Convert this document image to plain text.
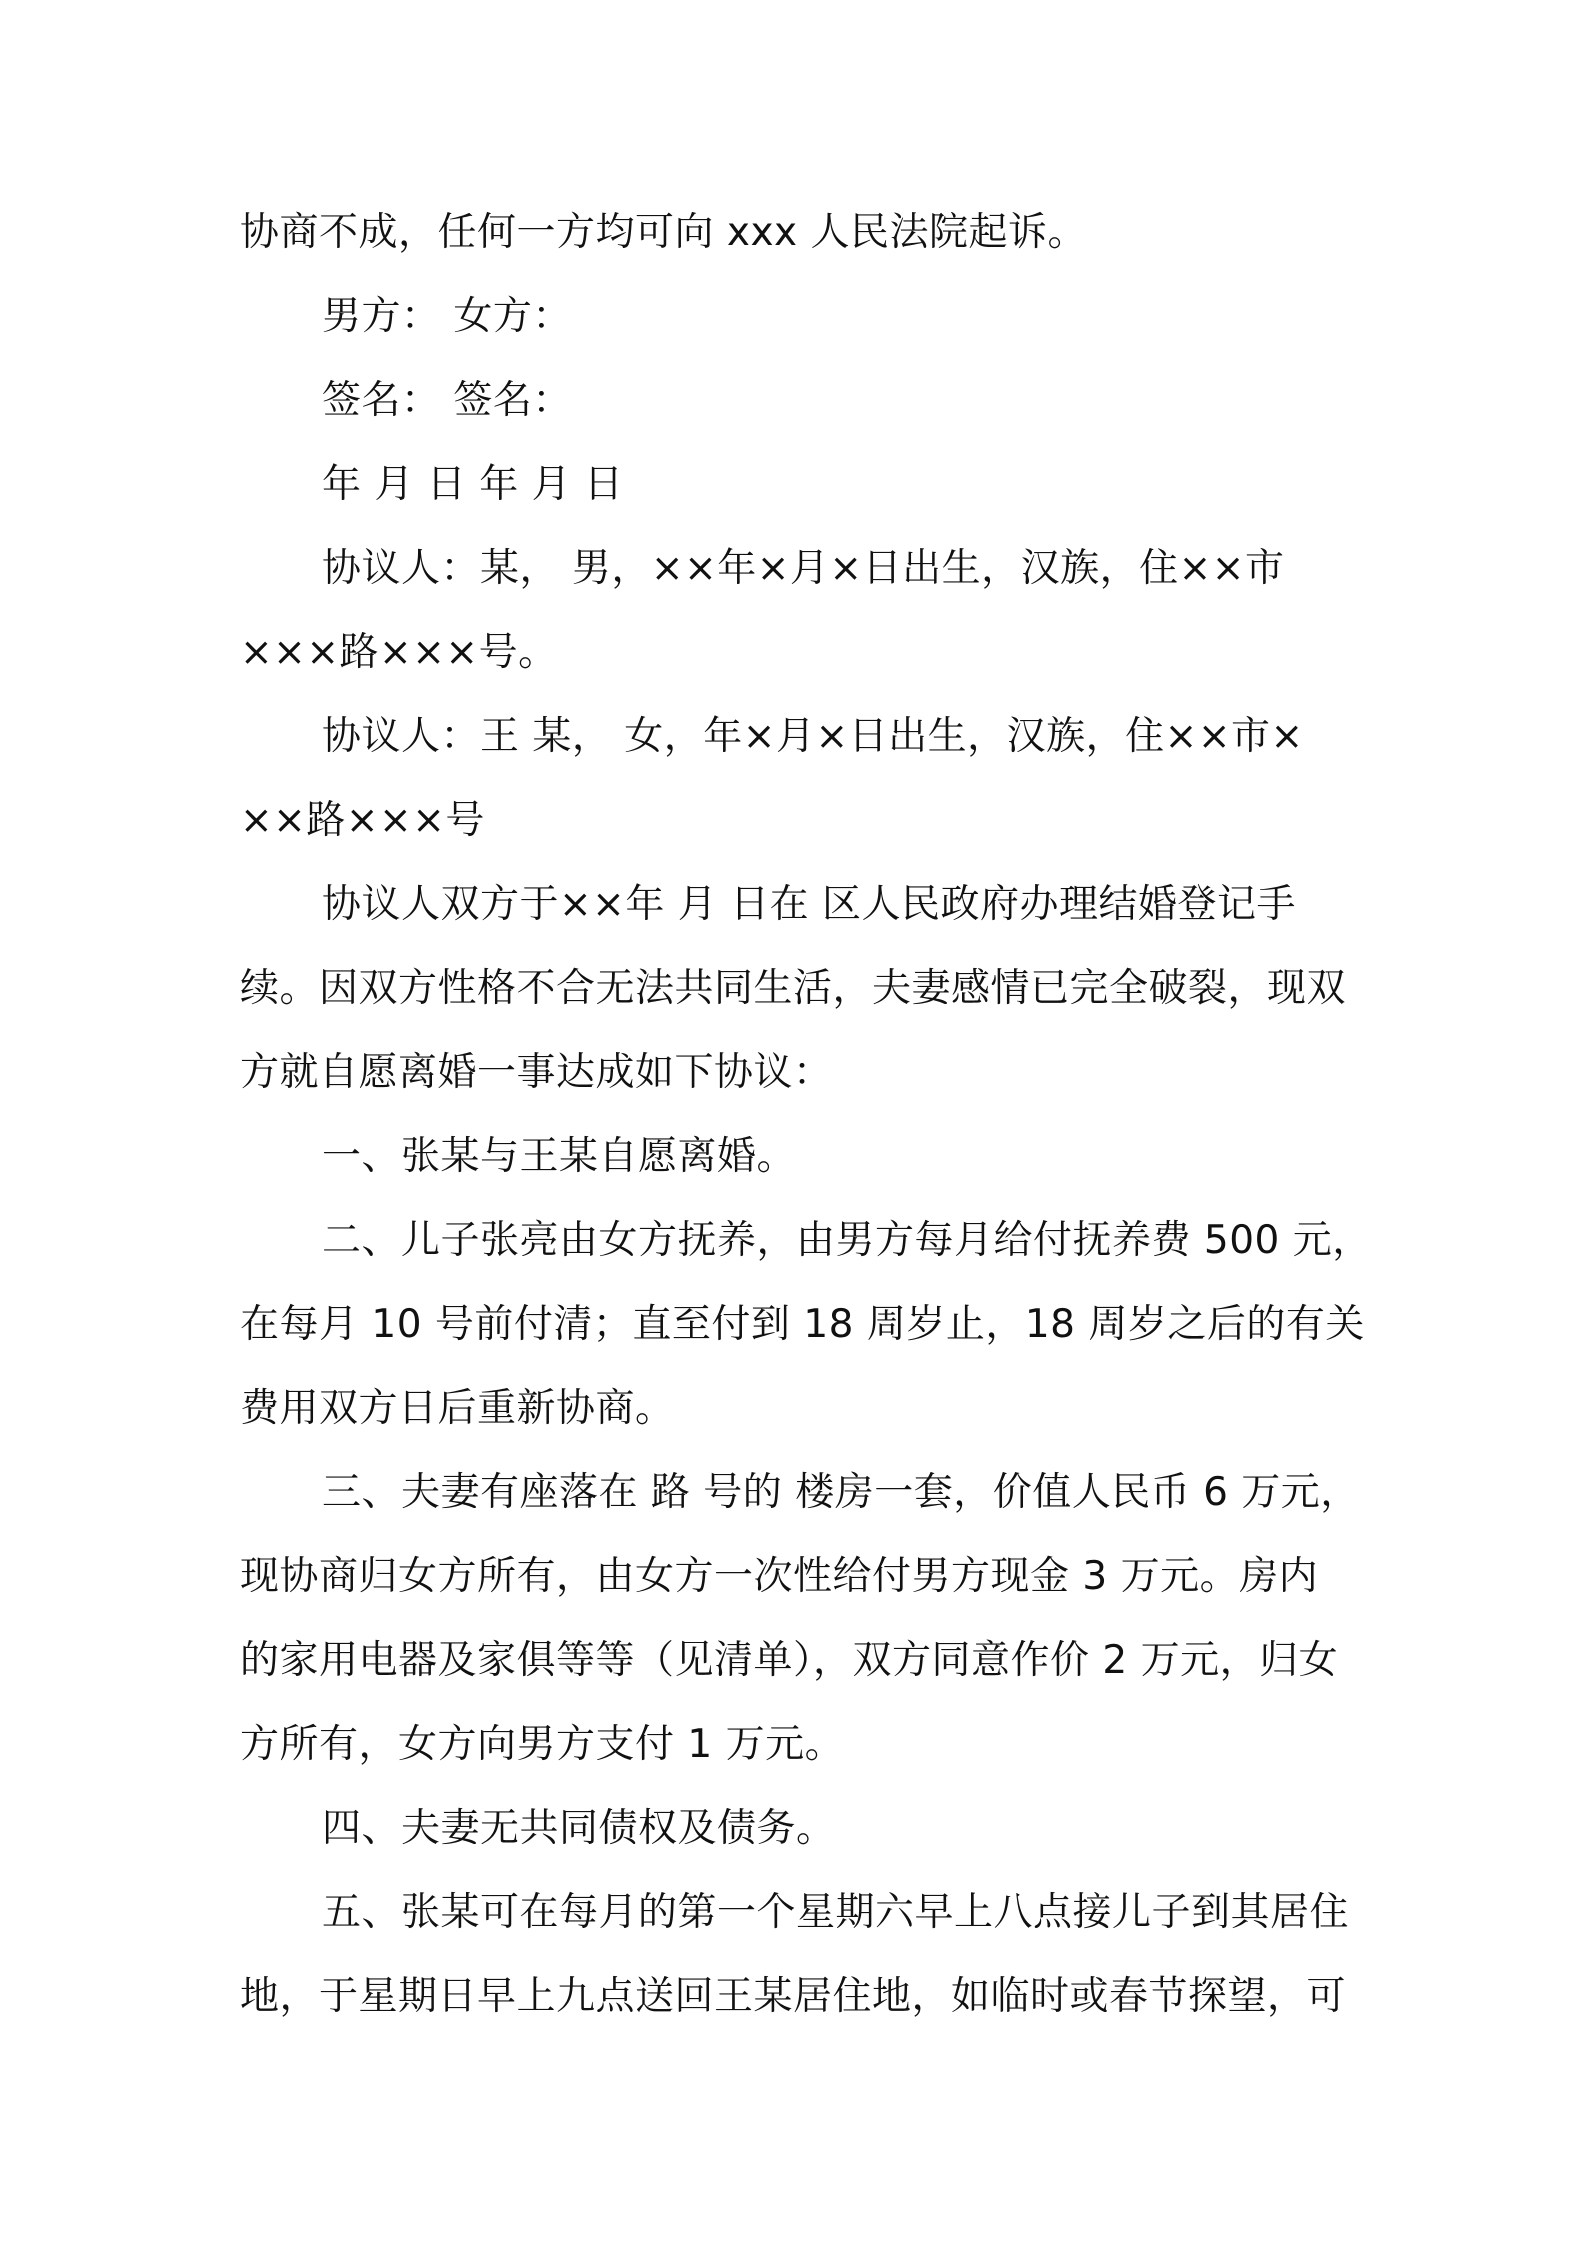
协商不成，任何一方均可向 xxx 人民法院起诉。

男方： 女方：

签名： 签名：

年 月 日 年 月 日

协议人：某， 男，××年×月×日出生，汉族，住××市

×××路×××号。

协议人：王 某， 女，年×月×日出生，汉族，住××市×

××路×××号

协议人双方于××年 月 日在 区人民政府办理结婚登记手

续。因双方性格不合无法共同生活，夫妻感情已完全破裂，现双

方就自愿离婚一事达成如下协议：

一、张某与王某自愿离婚。

二、儿子张亮由女方抚养，由男方每月给付抚养费 500 元，

在每月 10 号前付清；直至付到 18 周岁止，18 周岁之后的有关

费用双方日后重新协商。

三、夫妻有座落在 路 号的 楼房一套，价值人民币 6 万元，

现协商归女方所有，由女方一次性给付男方现金 3 万元。房内

的家用电器及家俱等等（见清单），双方同意作价 2 万元，归女

方所有，女方向男方支付 1 万元。

四、夫妻无共同债权及债务。

五、张某可在每月的第一个星期六早上八点接儿子到其居住

地，于星期日早上九点送回王某居住地，如临时或春节探望，可
